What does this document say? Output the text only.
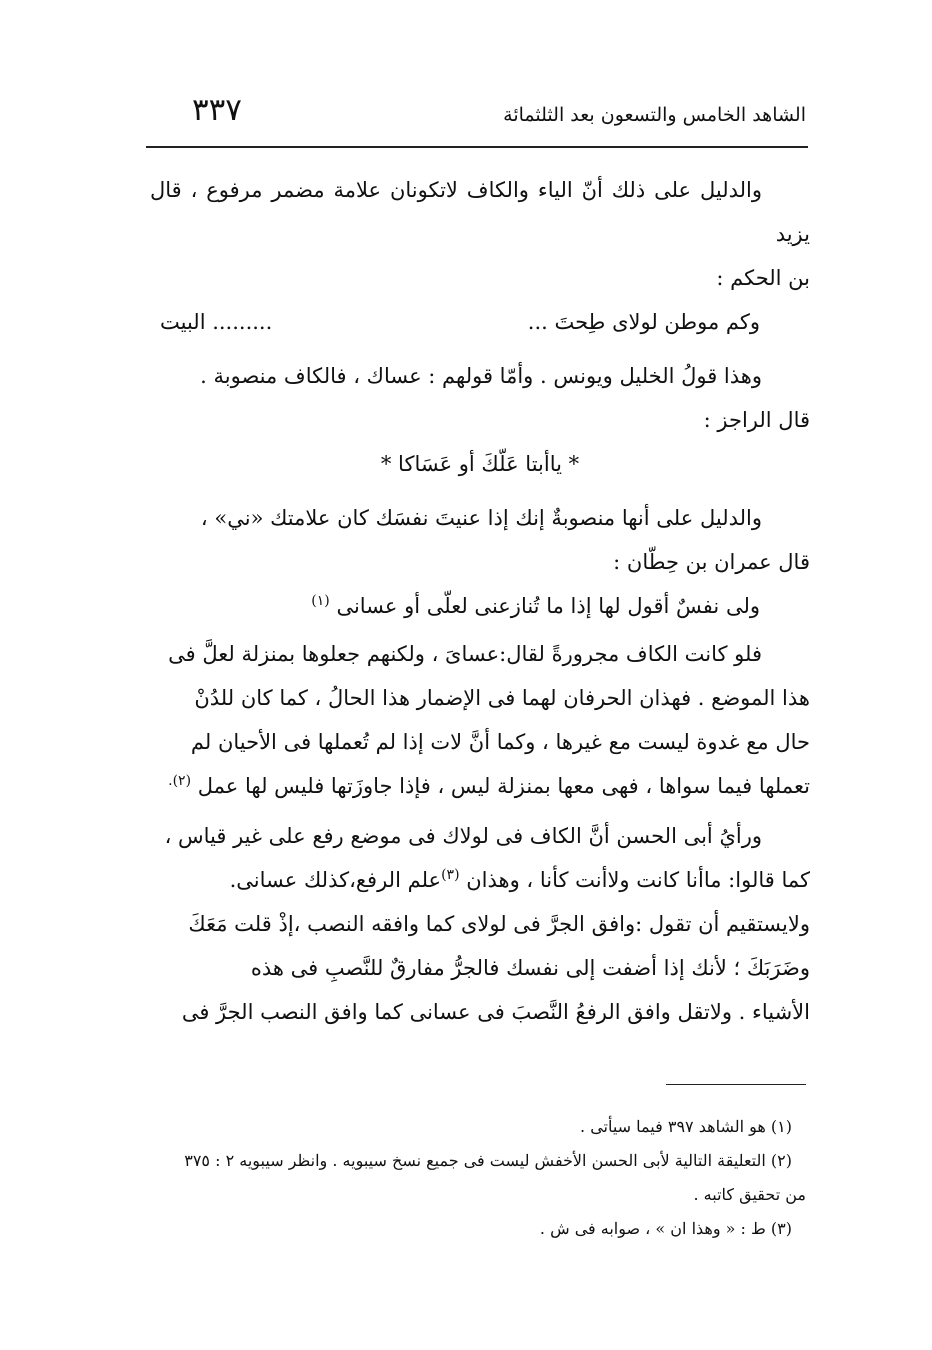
الشاهد الخامس والتسعون بعد الثلثمائة
٣٣٧

والدليل على ذلك أنّ الياء والكاف لاتكونان علامة مضمر مرفوع ، قال يزيد

بن الحكم :

وكم موطن لولاى طِحتَ ...
......... البيت

وهذا قولُ الخليل ويونس . وأمّا قولهم : عساك ، فالكاف منصوبة .

قال الراجز :

* ياأبتا عَلّكَ أو عَسَاكا *

والدليل على أنها منصوبةٌ إنك إذا عنيتَ نفسَك كان علامتك «ني» ،

قال عمران بن حِطّان :

ولى نفسٌ أقول لها إذا ما تُنازعنى لعلّى أو عسانى $^{(١)}$

فلو كانت الكاف مجرورةً لقال:عساىَ ، ولكنهم جعلوها بمنزلة لعلَّ فى

هذا الموضع . فهذان الحرفان لهما فى الإضمار هذا الحالُ ، كما كان للدُنْ

حال مع غدوة ليست مع غيرها ، وكما أنَّ لات إذا لم تُعملها فى الأحيان لم

تعملها فيما سواها ، فهى معها بمنزلة ليس ، فإذا جاوزَتها فليس لها عمل $^{(٢).}$

ورأيُ أبى الحسن أنَّ الكاف فى لولاك فى موضع رفع على غير قياس ،

كما قالوا: ماأنا كانت ولاأنت كأنا ، وهذان $^{(٣)}$علم الرفع،كذلك عسانى.

ولايستقيم أن تقول :وافق الجرَّ فى لولاى كما وافقه النصب ،إذْ قلت مَعَكَ

وضَرَبَكَ ؛ لأنك إذا أضفت إلى نفسك فالجرُّ مفارقٌ للنَّصبِ فى هذه

الأشياء . ولاتقل وافق الرفعُ النَّصبَ فى عسانى كما وافق النصب الجرَّ فى

(١) هو الشاهد ٣٩٧ فيما سيأتى .

(٢) التعليقة التالية لأبى الحسن الأخفش ليست فى جميع نسخ سيبويه . وانظر سيبويه ٢ : ٣٧٥

من تحقيق كاتبه .

(٣) ط : « وهذا ان » ، صوابه فى ش .
